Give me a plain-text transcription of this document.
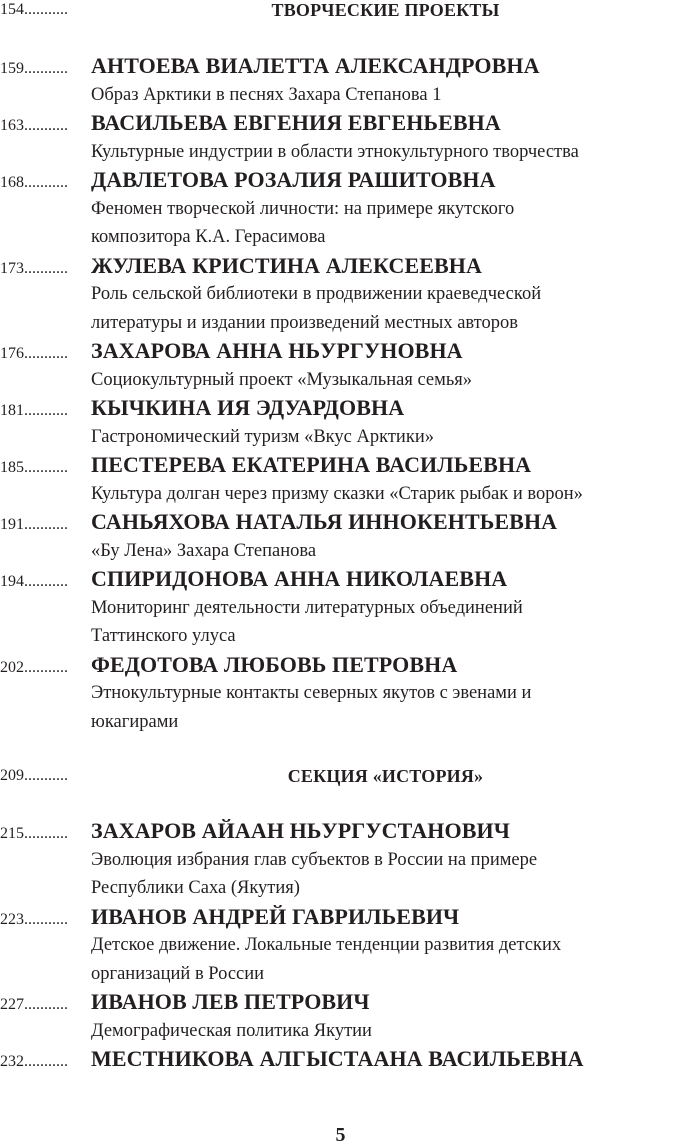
154...........	ТВОРЧЕСКИЕ ПРОЕКТЫ
159........... АНТОЕВА ВИАЛЕТТА АЛЕКСАНДРОВНА
Образ Арктики в песнях Захара Степанова 1
163........... ВАСИЛЬЕВА ЕВГЕНИЯ ЕВГЕНЬЕВНА
Культурные индустрии в области этнокультурного творчества
168........... ДАВЛЕТОВА РОЗАЛИЯ РАШИТОВНА
Феномен творческой личности: на примере якутского
композитора К.А. Герасимова
173........... ЖУЛЕВА КРИСТИНА АЛЕКСЕЕВНА
Роль сельской библиотеки в продвижении краеведческой
литературы и издании произведений местных авторов
176........... ЗАХАРОВА АННА НЬУРГУНОВНА
Социокультурный проект «Музыкальная семья»
181........... КЫЧКИНА ИЯ ЭДУАРДОВНА
Гастрономический туризм «Вкус Арктики»
185........... ПЕСТЕРЕВА ЕКАТЕРИНА ВАСИЛЬЕВНА
Культура долган через призму сказки «Старик рыбак и ворон»
191........... САНЬЯХОВА НАТАЛЬЯ ИННОКЕНТЬЕВНА
«Бу Лена» Захара Степанова
194........... СПИРИДОНОВА АННА НИКОЛАЕВНА
Мониторинг деятельности литературных объединений
Таттинского улуса
202........... ФЕДОТОВА ЛЮБОВЬ ПЕТРОВНА
Этнокультурные контакты северных якутов с эвенами и
юкагирами
209...........	СЕКЦИЯ «ИСТОРИЯ»
215........... ЗАХАРОВ АЙААН НЬУРГУСТАНОВИЧ
Эволюция избрания глав субъектов в России на примере
Республики Саха (Якутия)
223........... ИВАНОВ АНДРЕЙ ГАВРИЛЬЕВИЧ
Детское движение. Локальные тенденции развития детских
организаций в России
227........... ИВАНОВ ЛЕВ ПЕТРОВИЧ
Демографическая политика Якутии
232........... МЕСТНИКОВА АЛГЫСТААНА ВАСИЛЬЕВНА
5
